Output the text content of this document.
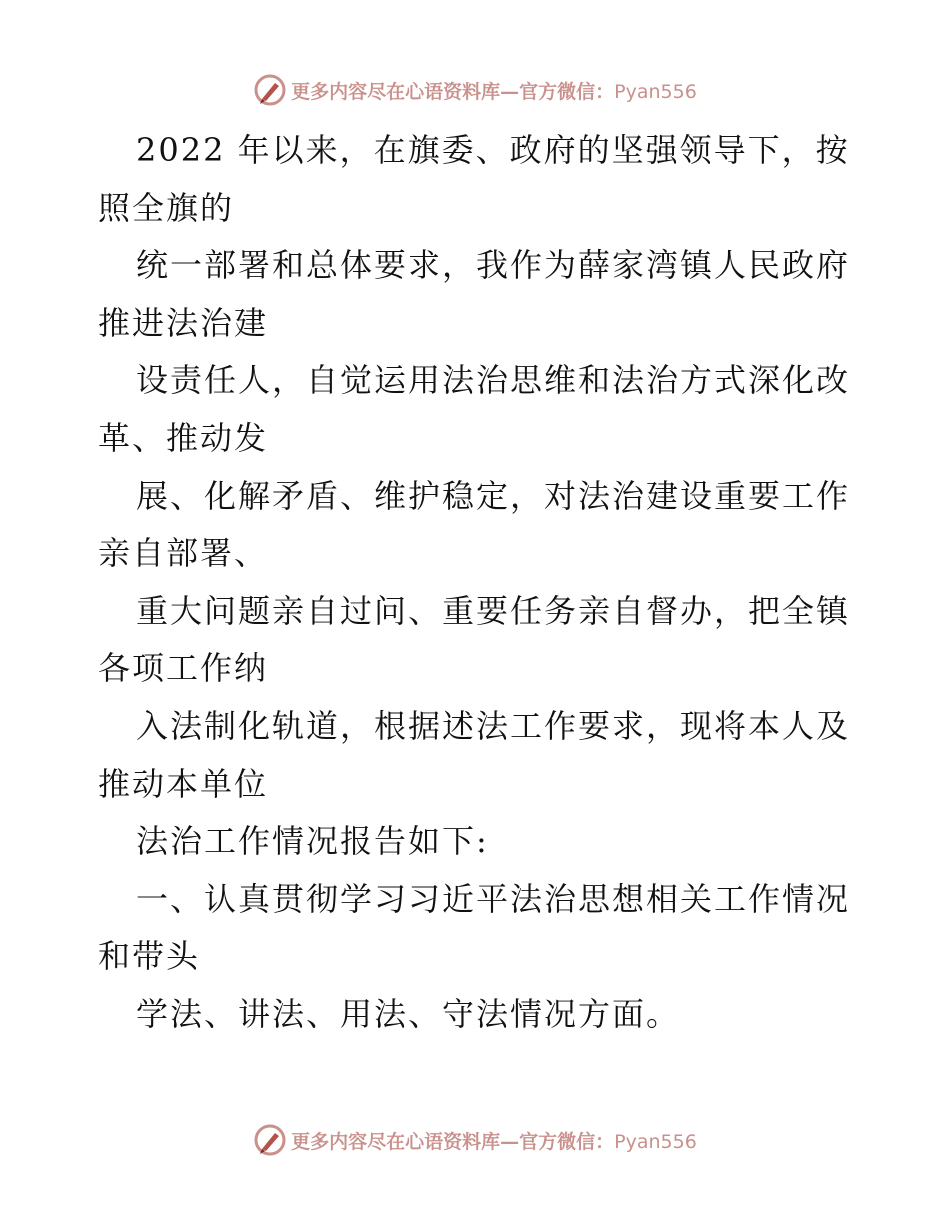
更多内容尽在心语资料库—官方微信：Pyan556
2022 年以来，在旗委、政府的坚强领导下，按
照全旗的
统一部署和总体要求，我作为薛家湾镇人民政府
推进法治建
设责任人，自觉运用法治思维和法治方式深化改
革、推动发
展、化解矛盾、维护稳定，对法治建设重要工作
亲自部署、
重大问题亲自过问、重要任务亲自督办，把全镇
各项工作纳
入法制化轨道，根据述法工作要求，现将本人及
推动本单位
法治工作情况报告如下:
一、认真贯彻学习习近平法治思想相关工作情况
和带头
学法、讲法、用法、守法情况方面。
更多内容尽在心语资料库—官方微信：Pyan556
